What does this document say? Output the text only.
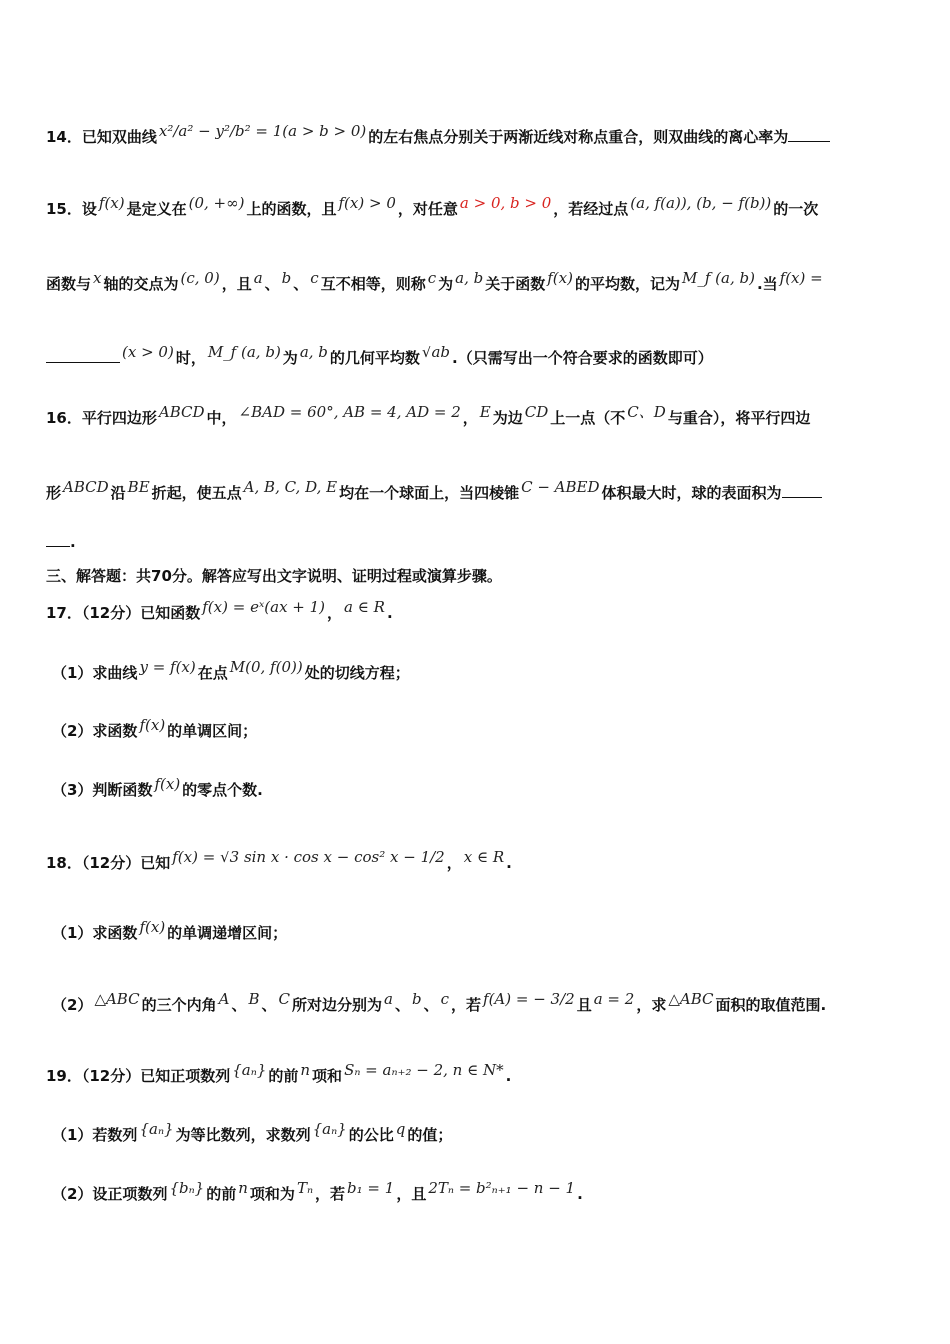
14．已知双曲线 x²/a² − y²/b² = 1(a > b > 0) 的左右焦点分别关于两渐近线对称点重合，则双曲线的离心率为
15．设 f(x) 是定义在 (0, +∞) 上的函数，且 f(x) > 0 ，对任意 a > 0, b > 0 ，若经过点 (a, f(a)), (b, − f(b)) 的一次
函数与 x 轴的交点为 (c, 0) ，且 a 、 b 、 c 互不相等，则称 c 为 a, b 关于函数 f(x) 的平均数，记为 M_f (a, b) .当 f(x) =
(x > 0) 时， M_f (a, b) 为 a, b 的几何平均数 √ab .（只需写出一个符合要求的函数即可）
16．平行四边形 ABCD 中， ∠BAD = 60°, AB = 4, AD = 2 ， E 为边 CD 上一点（不 C、D 与重合），将平行四边
形 ABCD 沿 BE 折起，使五点 A, B, C, D, E 均在一个球面上，当四棱锥 C − ABED 体积最大时，球的表面积为
.
三、解答题：共70分。解答应写出文字说明、证明过程或演算步骤。
17．（12分）已知函数 f(x) = eˣ(ax + 1) ， a ∈ R .
（1）求曲线 y = f(x) 在点 M(0, f(0)) 处的切线方程；
（2）求函数 f(x) 的单调区间；
（3）判断函数 f(x) 的零点个数.
18．（12分）已知 f(x) = √3 sin x · cos x − cos² x − 1/2 ， x ∈ R .
（1）求函数 f(x) 的单调递增区间；
（2） △ABC 的三个内角 A 、 B 、 C 所对边分别为 a 、 b 、 c ，若 f(A) = − 3/2 且 a = 2 ，求 △ABC 面积的取值范围.
19．（12分）已知正项数列 {aₙ} 的前 n 项和 Sₙ = aₙ₊₂ − 2, n ∈ N* .
（1）若数列 {aₙ} 为等比数列，求数列 {aₙ} 的公比 q 的值；
（2）设正项数列 {bₙ} 的前 n 项和为 Tₙ ，若 b₁ = 1 ，且 2Tₙ = b²ₙ₊₁ − n − 1 .
